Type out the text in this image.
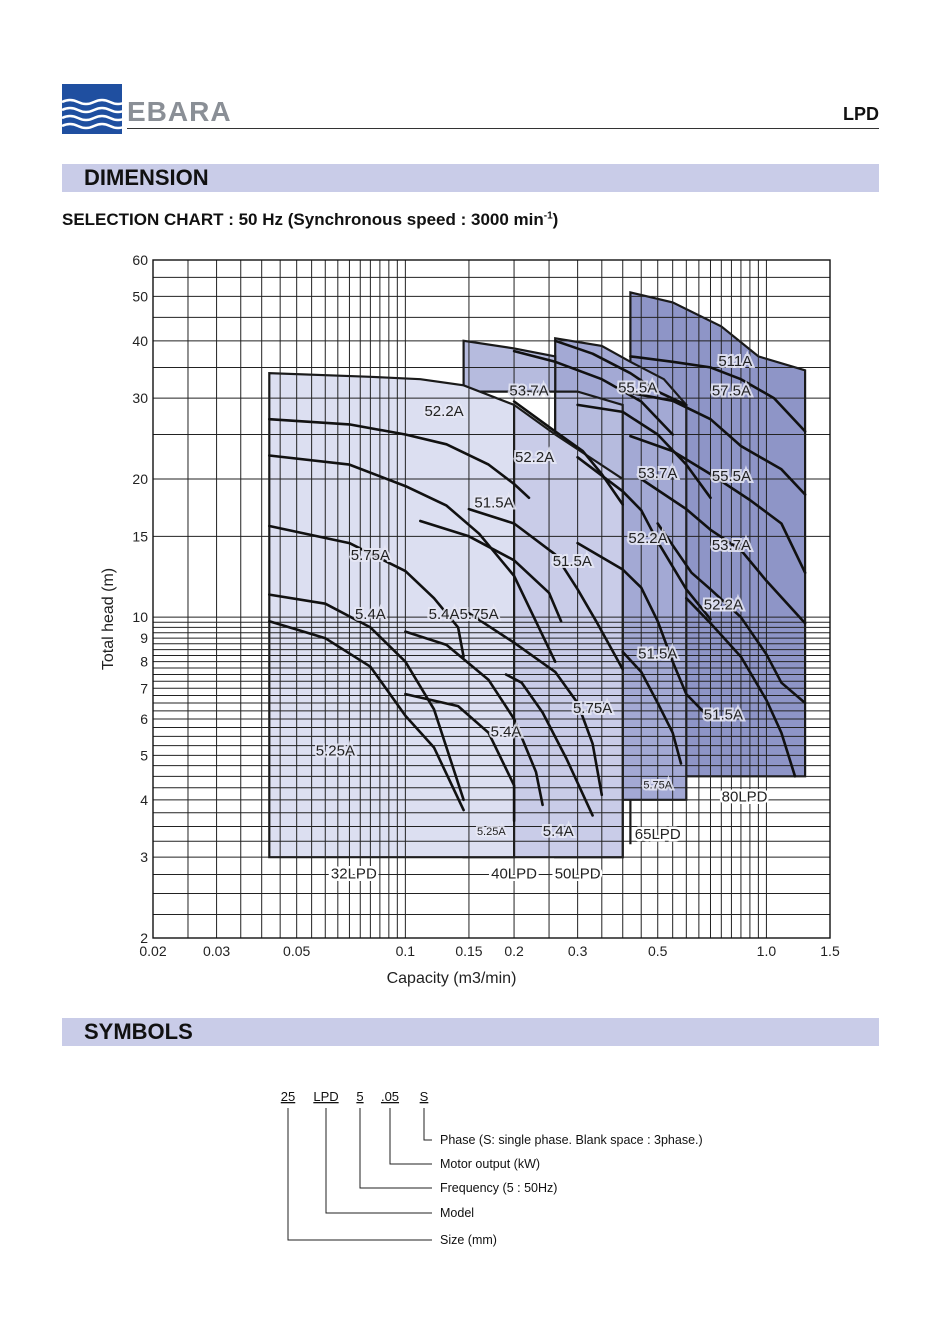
EBARA	LPD
DIMENSION
SELECTION CHART : 50 Hz (Synchronous speed : 3000 $\min^{-1}$)
52.2A
51.5A
5.75A
5.4A
5.25A
5.75A
5.4A
5.25A
53.7A
52.2A
51.5A
5.75A
5.4A
55.5A
53.7A
52.2A
51.5A
5.75A
511A
57.5A
55.5A
53.7A
52.2A
51.5A
5.4A
80LPD
65LPD
50LPD
40LPD
32LPD
0.02	0.03	0.05	0.1	0.15 0.2	0.3	0.5	1.0	1.5
2
3
4
5
6
7
8
9
10
15
20
30
40
50
60
Capacity (m3/min)
Total head (m)
SYMBOLS
25 LPD 5 .05 S
Phase (S: single phase. Blank space : 3phase.)
Motor output (kW)
Frequency (5 : 50Hz)
Model
Size (mm)
